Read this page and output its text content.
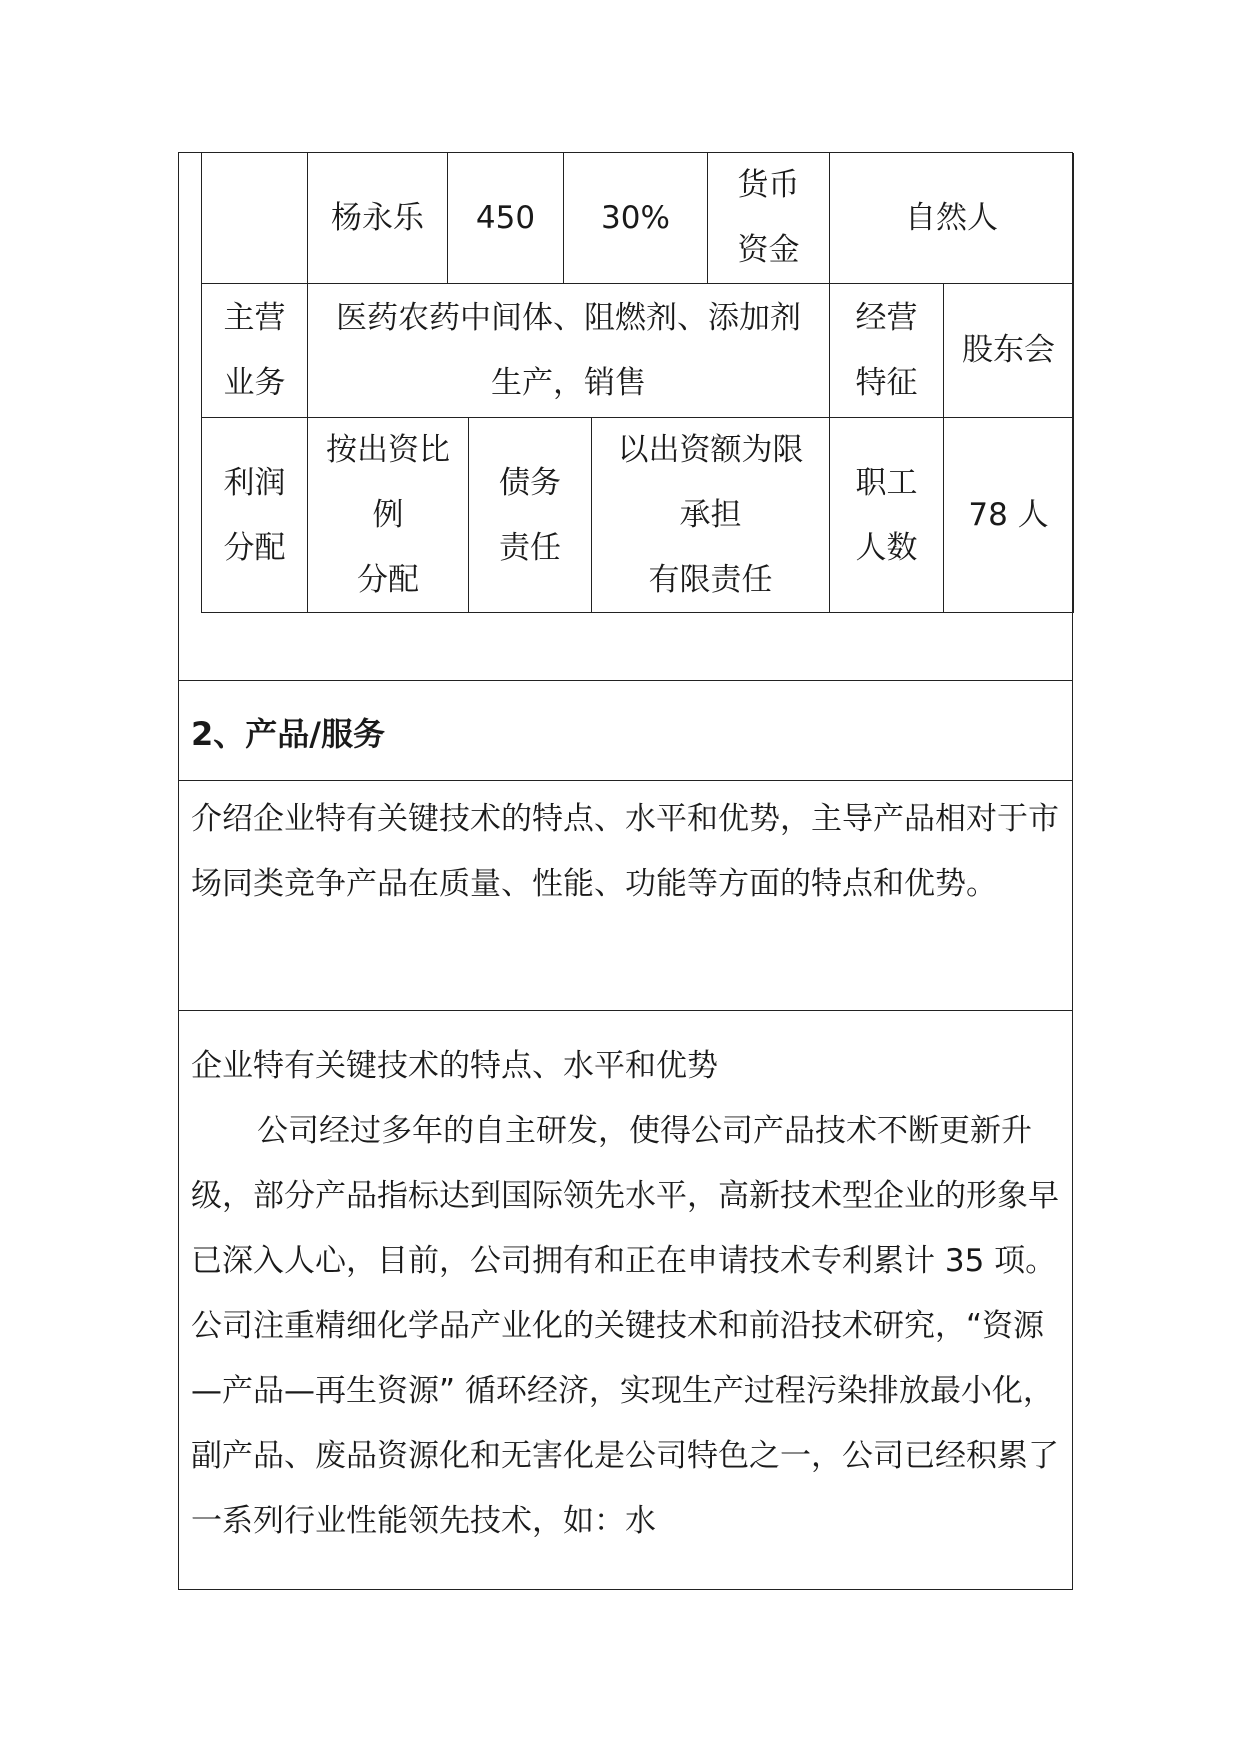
杨永乐	450	30%
货币
资金
自然人
主营
业务
医药农药中间体、阻燃剂、添加剂
生产，销售
经营
特征
股东会
利润
分配
按出资比
例
分配
债务
责任
以出资额为限
承担
有限责任
职工
人数
78 人
2、产品/服务
介绍企业特有关键技术的特点、水平和优势，主导产品相对于市场同类竞争产品在质量、性能、功能等方面的特点和优势。
企业特有关键技术的特点、水平和优势
公司经过多年的自主研发，使得公司产品技术不断更新升级，部分产品指标达到国际领先水平，高新技术型企业的形象早已深入人心，目前，公司拥有和正在申请技术专利累计 35 项。公司注重精细化学品产业化的关键技术和前沿技术研究，“资源—产品—再生资源” 循环经济，实现生产过程污染排放最小化，副产品、废品资源化和无害化是公司特色之一，公司已经积累了一系列行业性能领先技术，如：水
